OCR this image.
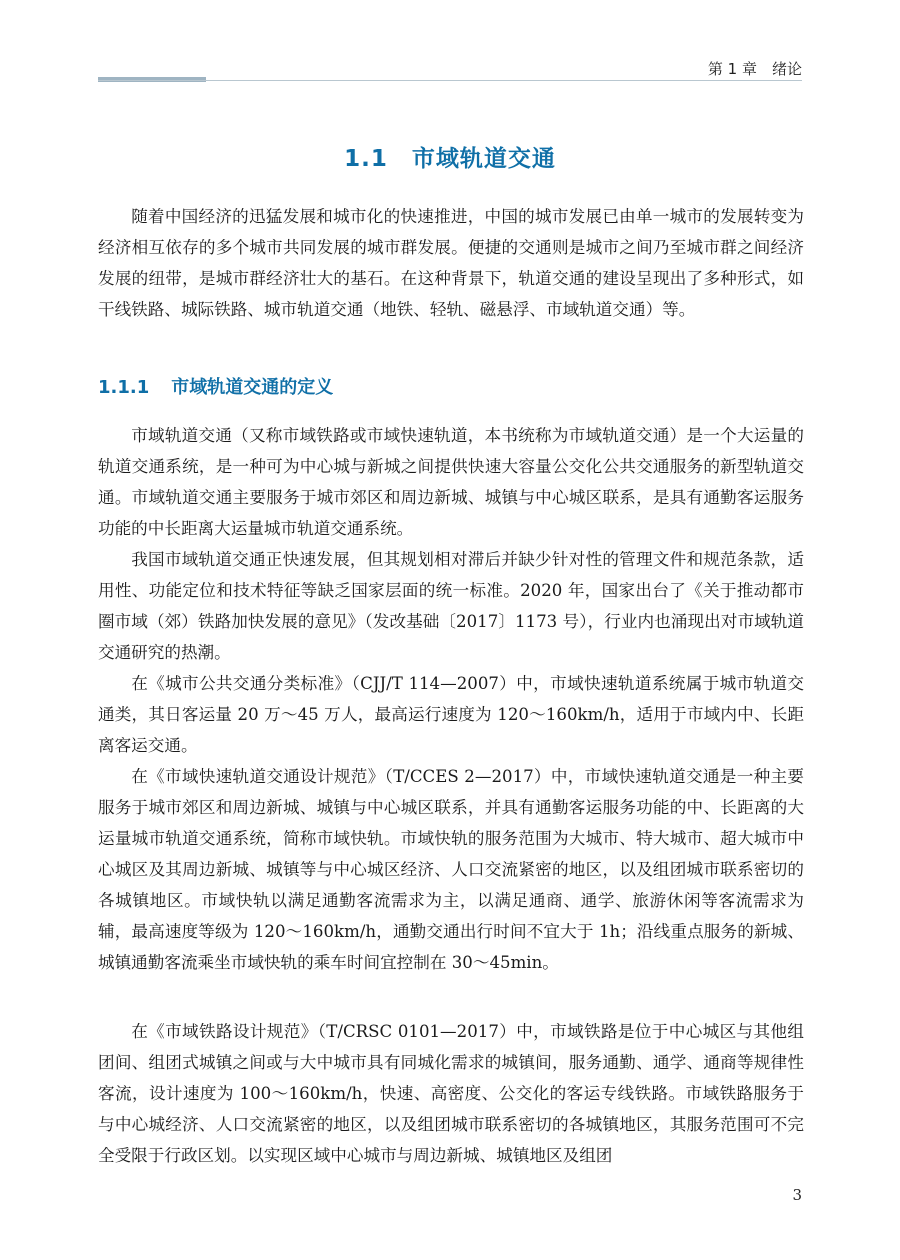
第 1 章　绪论
1.1 市域轨道交通

随着中国经济的迅猛发展和城市化的快速推进，中国的城市发展已由单一城市的发展转变为经济相互依存的多个城市共同发展的城市群发展。便捷的交通则是城市之间乃至城市群之间经济发展的纽带，是城市群经济壮大的基石。在这种背景下，轨道交通的建设呈现出了多种形式，如干线铁路、城际铁路、城市轨道交通（地铁、轻轨、磁悬浮、市域轨道交通）等。

1.1.1 市域轨道交通的定义

市域轨道交通（又称市域铁路或市域快速轨道，本书统称为市域轨道交通）是一个大运量的轨道交通系统，是一种可为中心城与新城之间提供快速大容量公交化公共交通服务的新型轨道交通。市域轨道交通主要服务于城市郊区和周边新城、城镇与中心城区联系，是具有通勤客运服务功能的中长距离大运量城市轨道交通系统。

我国市域轨道交通正快速发展，但其规划相对滞后并缺少针对性的管理文件和规范条款，适用性、功能定位和技术特征等缺乏国家层面的统一标准。2020 年，国家出台了《关于推动都市圈市域（郊）铁路加快发展的意见》（发改基础〔2017〕1173 号），行业内也涌现出对市域轨道交通研究的热潮。

在《城市公共交通分类标准》（CJJ/T 114—2007）中，市域快速轨道系统属于城市轨道交通类，其日客运量 20 万～45 万人，最高运行速度为 120～160km/h，适用于市域内中、长距离客运交通。

在《市域快速轨道交通设计规范》（T/CCES 2—2017）中，市域快速轨道交通是一种主要服务于城市郊区和周边新城、城镇与中心城区联系，并具有通勤客运服务功能的中、长距离的大运量城市轨道交通系统，简称市域快轨。市域快轨的服务范围为大城市、特大城市、超大城市中心城区及其周边新城、城镇等与中心城区经济、人口交流紧密的地区，以及组团城市联系密切的各城镇地区。市域快轨以满足通勤客流需求为主，以满足通商、通学、旅游休闲等客流需求为辅，最高速度等级为 120～160km/h，通勤交通出行时间不宜大于 1h；沿线重点服务的新城、城镇通勤客流乘坐市域快轨的乘车时间宜控制在 30～45min。

在《市域铁路设计规范》（T/CRSC 0101—2017）中，市域铁路是位于中心城区与其他组团间、组团式城镇之间或与大中城市具有同城化需求的城镇间，服务通勤、通学、通商等规律性客流，设计速度为 100～160km/h，快速、高密度、公交化的客运专线铁路。市域铁路服务于与中心城经济、人口交流紧密的地区，以及组团城市联系密切的各城镇地区，其服务范围可不完全受限于行政区划。以实现区域中心城市与周边新城、城镇地区及组团

3
